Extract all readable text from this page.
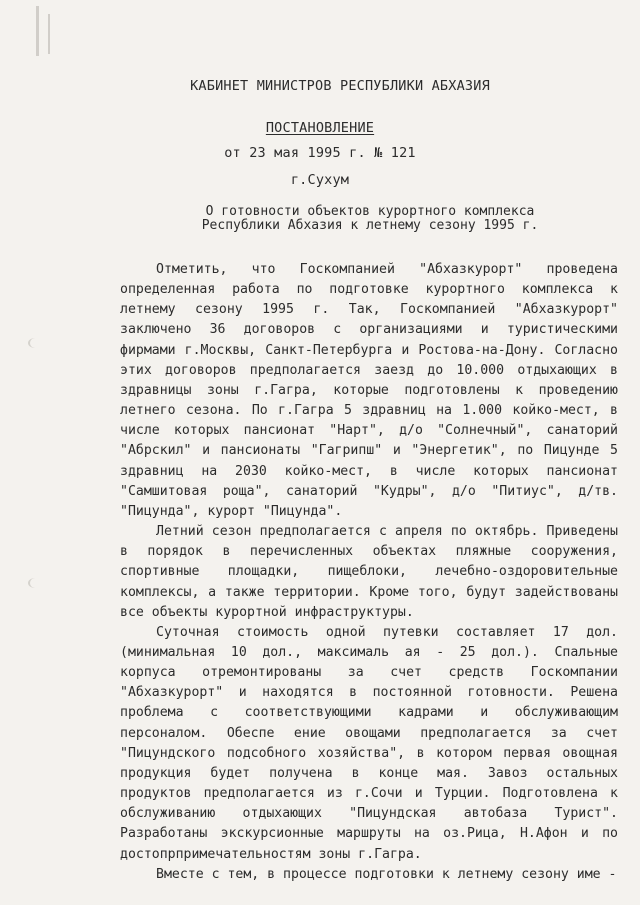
КАБИНЕТ МИНИСТРОВ РЕСПУБЛИКИ АБХАЗИЯ
ПОСТАНОВЛЕНИЕ
от 23 мая 1995 г. № 121
г.Сухум
О готовности объектов курортного комплекса
Республики Абхазия к летнему сезону 1995 г.

Отметить, что Госкомпанией "Абхазкурорт" проведена определенная работа по подготовке курортного комплекса к летнему сезону 1995 г. Так, Госкомпанией "Абхазкурорт" заключено 36 договоров с организациями и туристическими фирмами г.Москвы, Санкт-Петербурга и Ростова-на-Дону. Согласно этих договоров предполагается заезд до 10.000 отдыхающих в здравницы зоны г.Гагра, которые подготовлены к проведению летнего сезона. По г.Гагра 5 здравниц на 1.000 койко-мест, в числе которых пансионат "Нарт", д/о "Солнечный", санаторий "Абрскил" и пансионаты "Гагрипш" и "Энергетик", по Пицунде 5 здравниц на 2030 койко-мест, в числе которых пансионат "Самшитовая роща", санаторий "Кудры", д/о "Питиус", д/тв. "Пицунда", курорт "Пицунда".

Летний сезон предполагается с апреля по октябрь. Приведены в порядок в перечисленных объектах пляжные сооружения, спортивные площадки, пищеблоки, лечебно-оздоровительные комплексы, а также территории. Кроме того, будут задействованы все объекты курортной инфраструктуры.

Суточная стоимость одной путевки составляет 17 дол. (минимальная 10 дол., максималь ая - 25 дол.). Спальные корпуса отремонтированы за счет средств Госкомпании "Абхазкурорт" и находятся в постоянной готовности. Решена проблема с соответствующими кадрами и обслуживающим персоналом. Обеспе ение овощами предполагается за счет "Пицундского подсобного хозяйства", в котором первая овощная продукция будет получена в конце мая. Завоз остальных продуктов предполагается из г.Сочи и Турции. Подготовлена к обслуживанию отдыхающих "Пицундская автобаза Турист". Разработаны экскурсионные маршруты на оз.Рица, Н.Афон и по достопрпримечательностям зоны г.Гагра.

Вместе с тем, в процессе подготовки к летнему сезону име -
